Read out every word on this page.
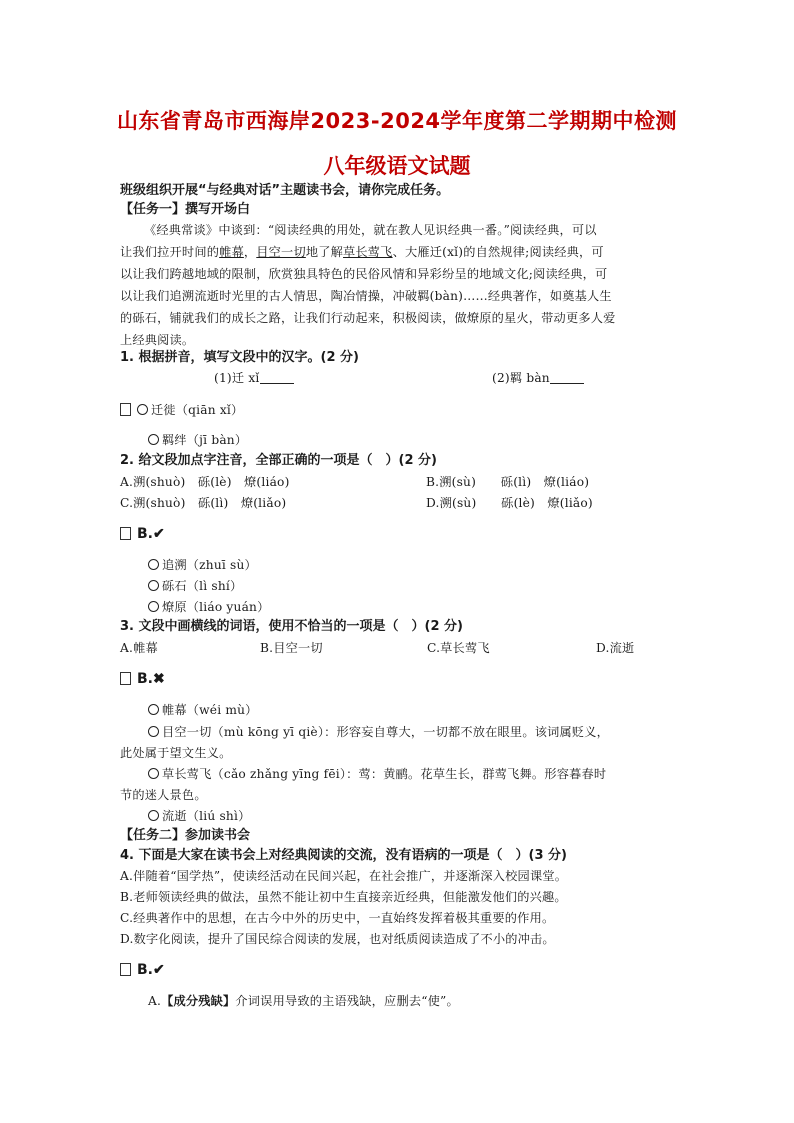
山东省青岛市西海岸2023-2024学年度第二学期期中检测
八年级语文试题
班级组织开展“与经典对话”主题读书会，请你完成任务。
【任务一】撰写开场白
《经典常谈》中谈到：“阅读经典的用处，就在教人见识经典一番。”阅读经典，可以
让我们拉开时间的帷幕，目空一切地了解草长莺飞、大雁迁(xǐ)的自然规律;阅读经典，可
以让我们跨越地域的限制，欣赏独具特色的民俗风情和异彩纷呈的地域文化;阅读经典，可
以让我们追溯流逝时光里的古人情思，陶冶情操，冲破羁(bàn)……经典著作，如奠基人生
的砾石，铺就我们的成长之路，让我们行动起来，积极阅读，做燎原的星火，带动更多人爱
上经典阅读。
1. 根据拼音，填写文段中的汉字。(2 分)
(1)迁 xǐ	(2)羁 bàn
迁徙（qiān xǐ）
羁绊（jī bàn）
2. 给文段加点字注音，全部正确的一项是（　）(2 分)
A.溯(shuò)　砾(lè)　燎(liáo)	B.溯(sù)　　砾(lì)　燎(liáo)
C.溯(shuò)　砾(lì)　燎(liǎo)	D.溯(sù)　　砾(lè)　燎(liǎo)
B.✔
追溯（zhuī sù）
砾石（lì shí）
燎原（liáo yuán）
3. 文段中画横线的词语，使用不恰当的一项是（　）(2 分)
A.帷幕	B.目空一切	C.草长莺飞	D.流逝
B.✖
帷幕（wéi mù）
目空一切（mù kōng yī qiè）：形容妄自尊大，一切都不放在眼里。该词属贬义，
此处属于望文生义。
草长莺飞（cǎo zhǎng yīng fēi）：莺：黄鹂。花草生长，群莺飞舞。形容暮春时
节的迷人景色。
流逝（liú shì）
【任务二】参加读书会
4. 下面是大家在读书会上对经典阅读的交流，没有语病的一项是（　）(3 分)
A.伴随着“国学热”，使读经活动在民间兴起，在社会推广，并逐渐深入校园课堂。
B.老师领读经典的做法，虽然不能让初中生直接亲近经典，但能激发他们的兴趣。
C.经典著作中的思想，在古今中外的历史中，一直始终发挥着极其重要的作用。
D.数字化阅读，提升了国民综合阅读的发展，也对纸质阅读造成了不小的冲击。
B.✔
A.【成分残缺】介词误用导致的主语残缺，应删去“使”。
